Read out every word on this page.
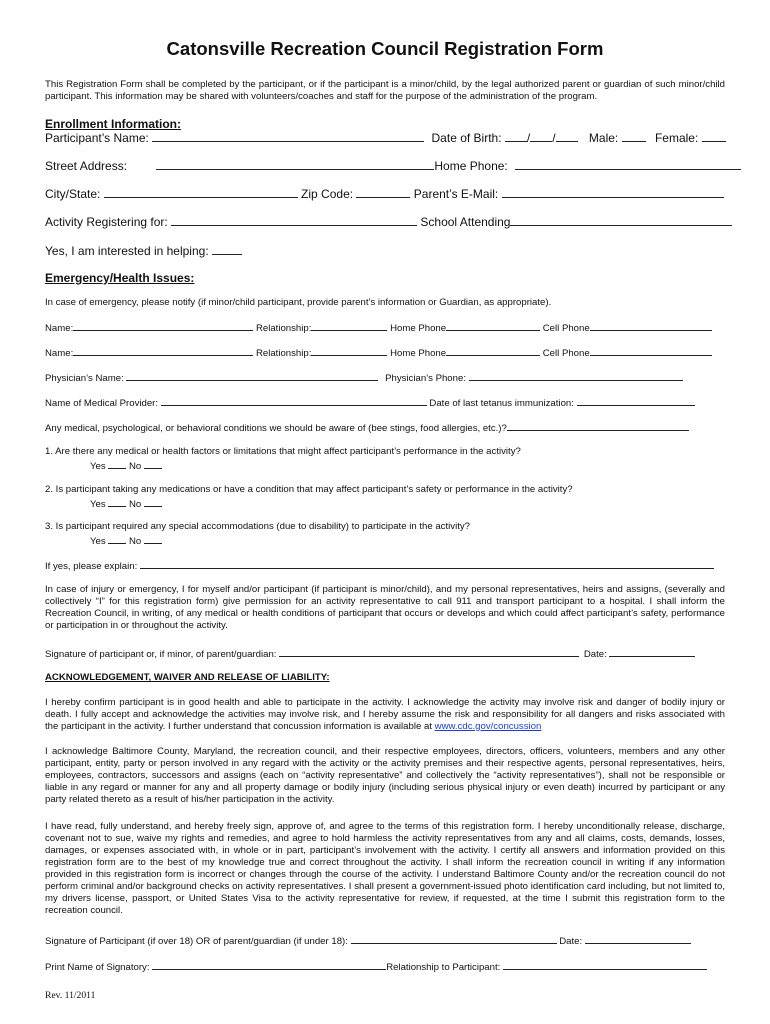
Catonsville Recreation Council Registration Form
This Registration Form shall be completed by the participant, or if the participant is a minor/child, by the legal authorized parent or guardian of such minor/child participant. This information may be shared with volunteers/coaches and staff for the purpose of the administration of the program.
Enrollment Information:
Participant’s Name:	Date of Birth: / /	Male:	Female:
Street Address:	Home Phone:
City/State:	Zip Code:	Parent’s E-Mail:
Activity Registering for:	School Attending
Yes, I am interested in helping:
Emergency/Health Issues:
In case of emergency, please notify (if minor/child participant, provide parent’s information or Guardian, as appropriate).
Name:	Relationship:	Home Phone	Cell Phone
Name:	Relationship:	Home Phone	Cell Phone
Physician’s Name:	Physician’s Phone:
Name of Medical Provider:	Date of last tetanus immunization:
Any medical, psychological, or behavioral conditions we should be aware of (bee stings, food allergies, etc.)?
1. Are there any medical or health factors or limitations that might affect participant’s performance in the activity?
Yes No
2. Is participant taking any medications or have a condition that may affect participant’s safety or performance in the activity?
Yes No
3. Is participant required any special accommodations (due to disability) to participate in the activity?
Yes No
If yes, please explain:
In case of injury or emergency, I for myself and/or participant (if participant is minor/child), and my personal representatives, heirs and assigns, (severally and collectively “I” for this registration form) give permission for an activity representative to call 911 and transport participant to a hospital. I shall inform the Recreation Council, in writing, of any medical or health conditions of participant that occurs or develops and which could affect participant’s safety, performance or participation in or throughout the activity.
Signature of participant or, if minor, of parent/guardian:	Date:
ACKNOWLEDGEMENT, WAIVER AND RELEASE OF LIABILITY:
I hereby confirm participant is in good health and able to participate in the activity. I acknowledge the activity may involve risk and danger of bodily injury or death. I fully accept and acknowledge the activities may involve risk, and I hereby assume the risk and responsibility for all dangers and risks associated with the participant in the activity. I further understand that concussion information is available at www.cdc.gov/concussion
I acknowledge Baltimore County, Maryland, the recreation council, and their respective employees, directors, officers, volunteers, members and any other participant, entity, party or person involved in any regard with the activity or the activity premises and their respective agents, personal representatives, heirs, employees, contractors, successors and assigns (each on “activity representative” and collectively the “activity representatives”), shall not be responsible or liable in any regard or manner for any and all property damage or bodily injury (including serious physical injury or even death) incurred by participant or any party related thereto as a result of his/her participation in the activity.
I have read, fully understand, and hereby freely sign, approve of, and agree to the terms of this registration form. I hereby unconditionally release, discharge, covenant not to sue, waive my rights and remedies, and agree to hold harmless the activity representatives from any and all claims, costs, demands, losses, damages, or expenses associated with, in whole or in part, participant’s involvement with the activity. I certify all answers and information provided on this registration form are to the best of my knowledge true and correct throughout the activity. I shall inform the recreation council in writing if any information provided in this registration form is incorrect or changes through the course of the activity. I understand Baltimore County and/or the recreation council do not perform criminal and/or background checks on activity representatives. I shall present a government-issued photo identification card including, but not limited to, my drivers license, passport, or United States Visa to the activity representative for review, if requested, at the time I submit this registration form to the recreation council.
Signature of Participant (if over 18) OR of parent/guardian (if under 18):	Date:
Print Name of Signatory:	Relationship to Participant:
Rev. 11/2011
